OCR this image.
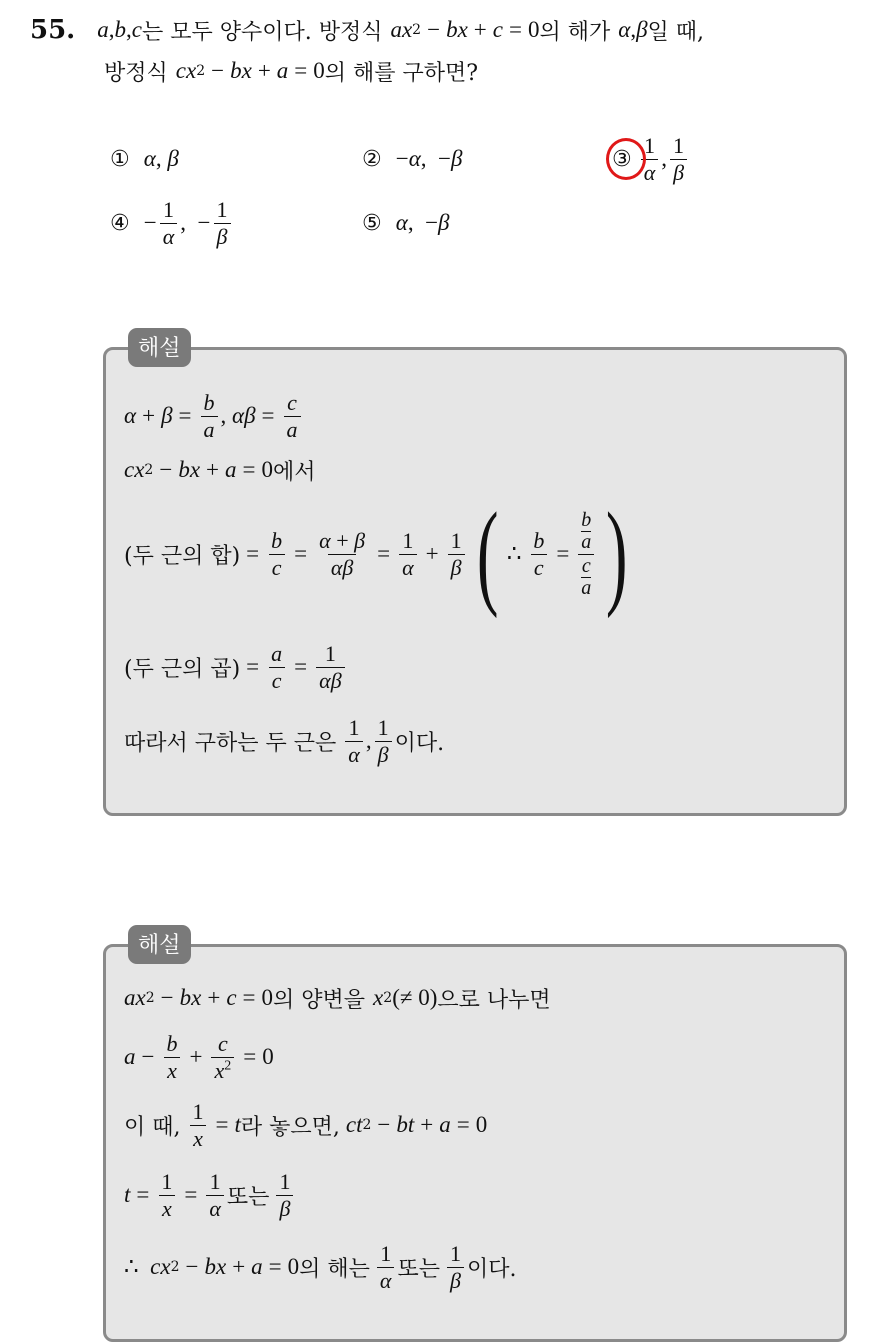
55. a , b , c 는 모두 양수이다. 방정식 ax 2 − bx + c = 0 의 해가 α , β 일 때,
방정식 cx 2 − bx + a = 0 의 해를 구하면?
① α , β	② − α ,  − β	③ $\frac{1}{\alpha}$ , $\frac{1}{\beta}$
④ − $\frac{1}{\alpha}$ ,  − $\frac{1}{\beta}$	⑤ α ,  − β
해설
$\alpha + \beta = \frac{b}{a}$ , $\alpha\beta = \frac{c}{a}$
cx 2 − bx + a = 0 에서
(두 근의 합) = $\frac{b}{c} = \frac{\alpha + \beta}{\alpha\beta} = \frac{1}{\alpha} + \frac{1}{\beta}$ ( ∴ $\frac{b}{c} = b$
a
c
a )
(두 근의 곱) = $\frac{a}{c} = \frac{1}{\alpha\beta}$
따라서 구하는 두 근은 $\frac{1}{\alpha}$ , $\frac{1}{\beta}$ 이다.
해설
ax 2 − bx + c = 0 의 양변을 x 2 (≠ 0) 으로 나누면
$a - \frac{b}{x} + \frac{c}{x^2} = 0$
이 때, $\frac{1}{x} = t$ 라 놓으면, ct 2 − bt + a = 0
$t = \frac{1}{x} = \frac{1}{\alpha}$ 또는 $\frac{1}{\beta}$
∴ cx 2 − bx + a = 0 의 해는 $\frac{1}{\alpha}$ 또는 $\frac{1}{\beta}$ 이다.
